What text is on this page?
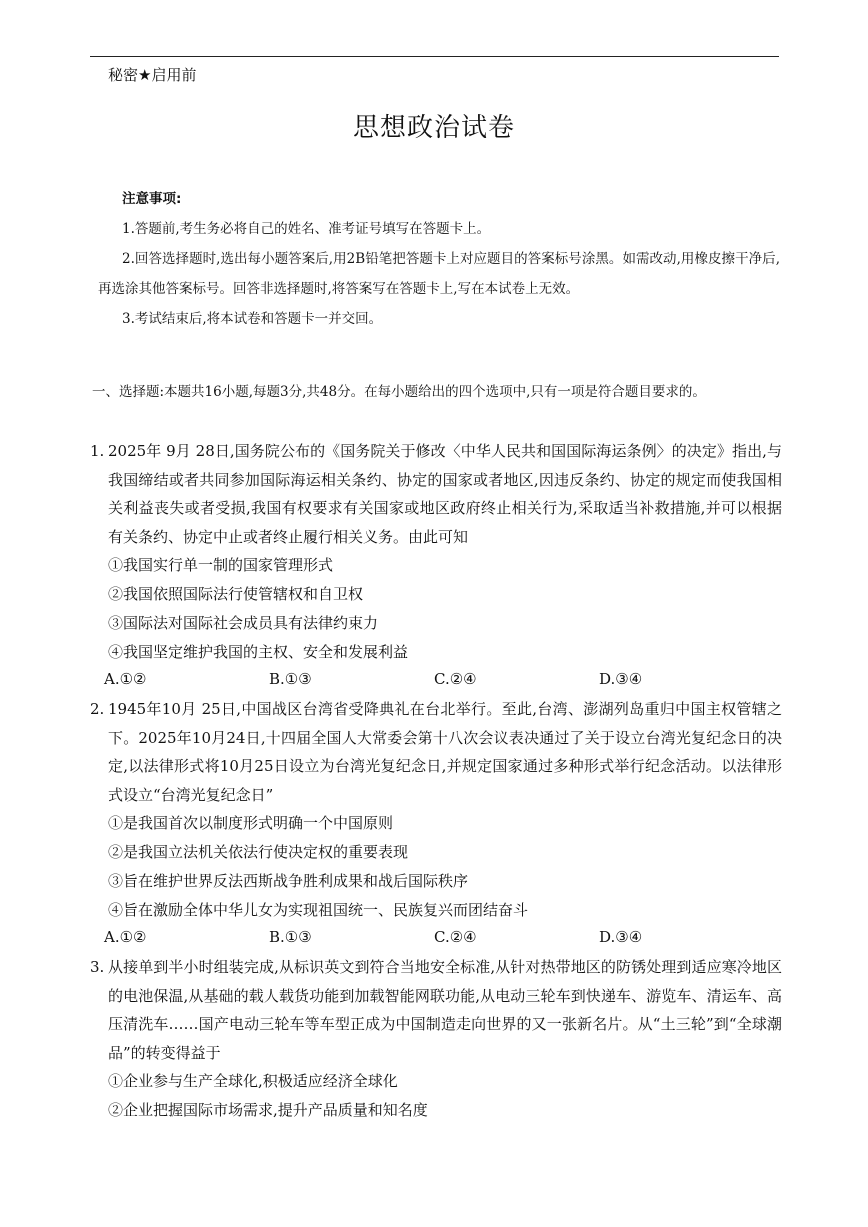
秘密★启用前
思想政治试卷
注意事项:
1.答题前,考生务必将自己的姓名、准考证号填写在答题卡上。
2.回答选择题时,选出每小题答案后,用2B铅笔把答题卡上对应题目的答案标号涂黑。如需改动,用橡皮擦干净后,再选涂其他答案标号。回答非选择题时,将答案写在答题卡上,写在本试卷上无效。
3.考试结束后,将本试卷和答题卡一并交回。
一、选择题:本题共16小题,每题3分,共48分。在每小题给出的四个选项中,只有一项是符合题目要求的。
1. 2025年 9月 28日,国务院公布的《国务院关于修改〈中华人民共和国国际海运条例〉的决定》指出,与我国缔结或者共同参加国际海运相关条约、协定的国家或者地区,因违反条约、协定的规定而使我国相关利益丧失或者受损,我国有权要求有关国家或地区政府终止相关行为,采取适当补救措施,并可以根据有关条约、协定中止或者终止履行相关义务。由此可知
①我国实行单一制的国家管理形式
②我国依照国际法行使管辖权和自卫权
③国际法对国际社会成员具有法律约束力
④我国坚定维护我国的主权、安全和发展利益
A.①②	B.①③	C.②④	D.③④
2. 1945年10月 25日,中国战区台湾省受降典礼在台北举行。至此,台湾、澎湖列岛重归中国主权管辖之下。2025年10月24日,十四届全国人大常委会第十八次会议表决通过了关于设立台湾光复纪念日的决定,以法律形式将10月25日设立为台湾光复纪念日,并规定国家通过多种形式举行纪念活动。以法律形式设立“台湾光复纪念日”
①是我国首次以制度形式明确一个中国原则
②是我国立法机关依法行使决定权的重要表现
③旨在维护世界反法西斯战争胜利成果和战后国际秩序
④旨在激励全体中华儿女为实现祖国统一、民族复兴而团结奋斗
A.①②	B.①③	C.②④	D.③④
3. 从接单到半小时组装完成,从标识英文到符合当地安全标准,从针对热带地区的防锈处理到适应寒冷地区的电池保温,从基础的载人载货功能到加载智能网联功能,从电动三轮车到快递车、游览车、清运车、高压清洗车……国产电动三轮车等车型正成为中国制造走向世界的又一张新名片。从“土三轮”到“全球潮品”的转变得益于
①企业参与生产全球化,积极适应经济全球化
②企业把握国际市场需求,提升产品质量和知名度
